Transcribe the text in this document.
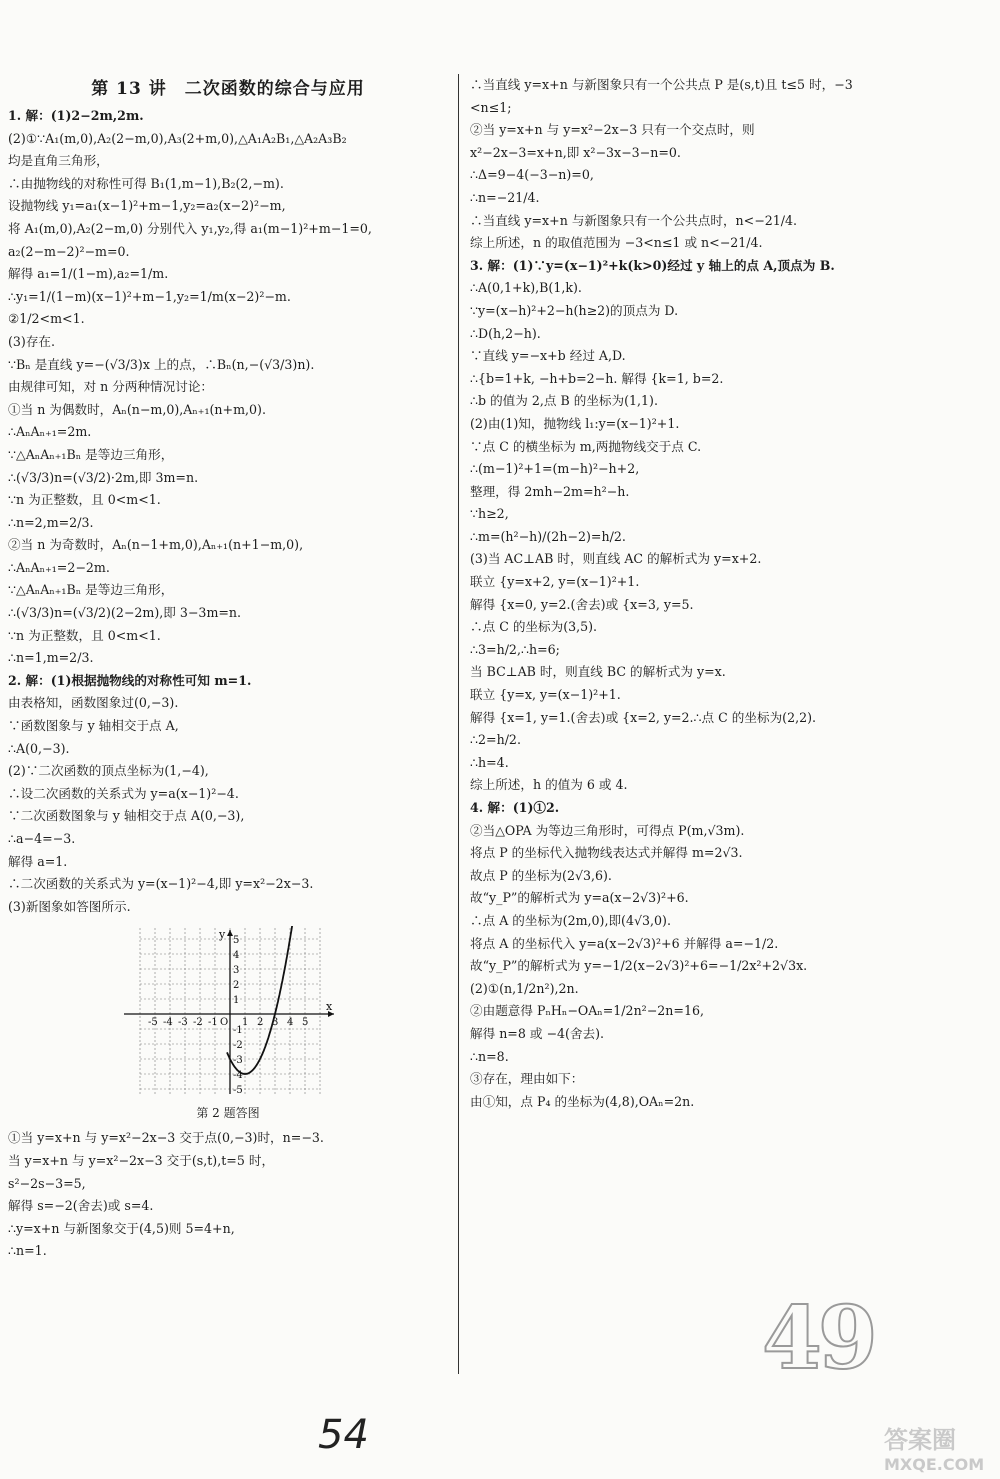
第 13 讲　二次函数的综合与应用
1. 解：(1)2−2m,2m.
(2)①∵A₁(m,0),A₂(2−m,0),A₃(2+m,0),△A₁A₂B₁,△A₂A₃B₂
均是直角三角形，
∴由抛物线的对称性可得 B₁(1,m−1),B₂(2,−m).
设抛物线 y₁=a₁(x−1)²+m−1,y₂=a₂(x−2)²−m,
将 A₁(m,0),A₂(2−m,0) 分别代入 y₁,y₂,得 a₁(m−1)²+m−1=0,
a₂(2−m−2)²−m=0.
解得 a₁=1/(1−m),a₂=1/m.
∴y₁=1/(1−m)(x−1)²+m−1,y₂=1/m(x−2)²−m.
②1/2<m<1.
(3)存在.
∵Bₙ 是直线 y=−(√3/3)x 上的点，∴Bₙ(n,−(√3/3)n).
由规律可知，对 n 分两种情况讨论：
①当 n 为偶数时，Aₙ(n−m,0),Aₙ₊₁(n+m,0).
∴AₙAₙ₊₁=2m.
∵△AₙAₙ₊₁Bₙ 是等边三角形，
∴(√3/3)n=(√3/2)·2m,即 3m=n.
∵n 为正整数，且 0<m<1.
∴n=2,m=2/3.
②当 n 为奇数时，Aₙ(n−1+m,0),Aₙ₊₁(n+1−m,0),
∴AₙAₙ₊₁=2−2m.
∵△AₙAₙ₊₁Bₙ 是等边三角形，
∴(√3/3)n=(√3/2)(2−2m),即 3−3m=n.
∵n 为正整数，且 0<m<1.
∴n=1,m=2/3.
2. 解：(1)根据抛物线的对称性可知 m=1.
由表格知，函数图象过(0,−3).
∵函数图象与 y 轴相交于点 A,
∴A(0,−3).
(2)∵二次函数的顶点坐标为(1,−4),
∴设二次函数的关系式为 y=a(x−1)²−4.
∵二次函数图象与 y 轴相交于点 A(0,−3),
∴a−4=−3.
解得 a=1.
∴二次函数的关系式为 y=(x−1)²−4,即 y=x²−2x−3.
(3)新图象如答图所示.
-5 -4 -3 -2 -1 1 2 3 4 5
5
4
3
2
1
-1
-2
-3
-4
-5
x
y
O
第 2 题答图
①当 y=x+n 与 y=x²−2x−3 交于点(0,−3)时，n=−3.
当 y=x+n 与 y=x²−2x−3 交于(s,t),t=5 时，
s²−2s−3=5,
解得 s=−2(舍去)或 s=4.
∴y=x+n 与新图象交于(4,5)则 5=4+n,
∴n=1.
∴当直线 y=x+n 与新图象只有一个公共点 P 是(s,t)且 t≤5 时，−3
<n≤1;
②当 y=x+n 与 y=x²−2x−3 只有一个交点时，则
x²−2x−3=x+n,即 x²−3x−3−n=0.
∴Δ=9−4(−3−n)=0,
∴n=−21/4.
∴当直线 y=x+n 与新图象只有一个公共点时，n<−21/4.
综上所述，n 的取值范围为 −3<n≤1 或 n<−21/4.
3. 解：(1)∵y=(x−1)²+k(k>0)经过 y 轴上的点 A,顶点为 B.
∴A(0,1+k),B(1,k).
∵y=(x−h)²+2−h(h≥2)的顶点为 D.
∴D(h,2−h).
∵直线 y=−x+b 经过 A,D.
∴{b=1+k, −h+b=2−h. 解得 {k=1, b=2.
∴b 的值为 2,点 B 的坐标为(1,1).
(2)由(1)知，抛物线 l₁:y=(x−1)²+1.
∵点 C 的横坐标为 m,两抛物线交于点 C.
∴(m−1)²+1=(m−h)²−h+2,
整理，得 2mh−2m=h²−h.
∵h≥2,
∴m=(h²−h)/(2h−2)=h/2.
(3)当 AC⊥AB 时，则直线 AC 的解析式为 y=x+2.
联立 {y=x+2, y=(x−1)²+1.
解得 {x=0, y=2.(舍去)或 {x=3, y=5.
∴点 C 的坐标为(3,5).
∴3=h/2,∴h=6;
当 BC⊥AB 时，则直线 BC 的解析式为 y=x.
联立 {y=x, y=(x−1)²+1.
解得 {x=1, y=1.(舍去)或 {x=2, y=2.∴点 C 的坐标为(2,2).
∴2=h/2.
∴h=4.
综上所述，h 的值为 6 或 4.
4. 解：(1)①2.
②当△OPA 为等边三角形时，可得点 P(m,√3m).
将点 P 的坐标代入抛物线表达式并解得 m=2√3.
故点 P 的坐标为(2√3,6).
故“y_P”的解析式为 y=a(x−2√3)²+6.
∴点 A 的坐标为(2m,0),即(4√3,0).
将点 A 的坐标代入 y=a(x−2√3)²+6 并解得 a=−1/2.
故“y_P”的解析式为 y=−1/2(x−2√3)²+6=−1/2x²+2√3x.
(2)①(n,1/2n²),2n.
②由题意得 PₙHₙ−OAₙ=1/2n²−2n=16,
解得 n=8 或 −4(舍去).
∴n=8.
③存在，理由如下：
由①知，点 P₄ 的坐标为(4,8),OAₙ=2n.
49
54	答案圈
MXQE.COM
